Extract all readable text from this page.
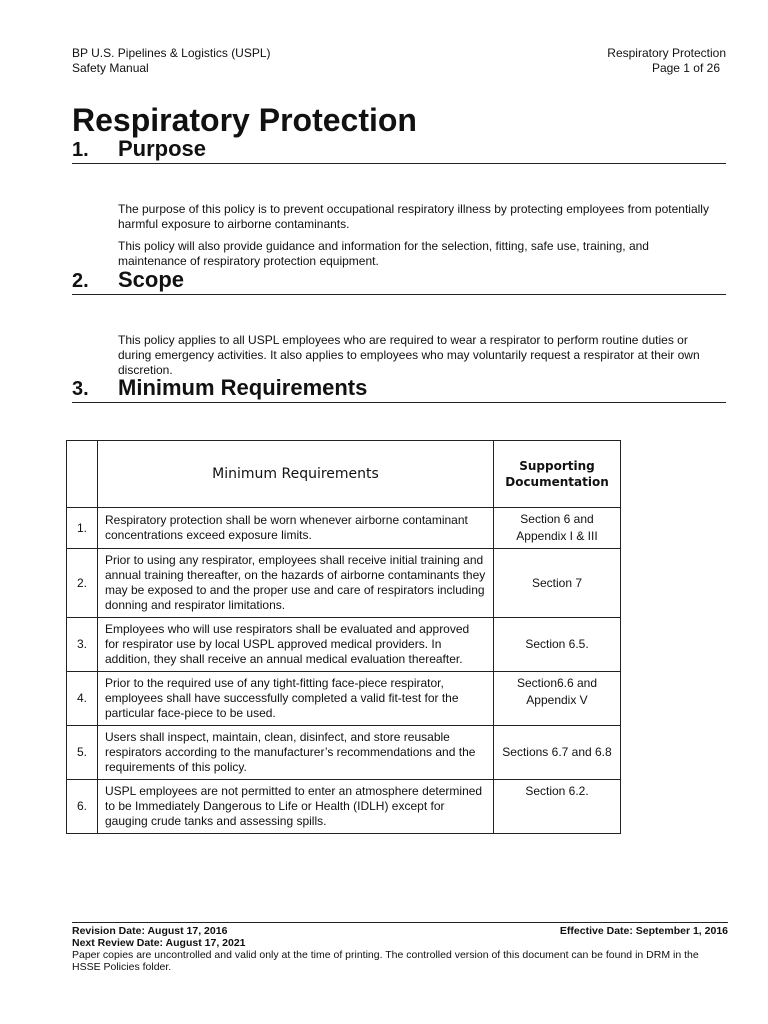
BP U.S. Pipelines & Logistics (USPL)
Safety Manual
Respiratory Protection
Page 1 of 26
Respiratory Protection
1. Purpose

The purpose of this policy is to prevent occupational respiratory illness by protecting employees from potentially harmful exposure to airborne contaminants.

This policy will also provide guidance and information for the selection, fitting, safe use, training, and maintenance of respiratory protection equipment.

2. Scope

This policy applies to all USPL employees who are required to wear a respirator to perform routine duties or during emergency activities. It also applies to employees who may voluntarily request a respirator at their own discretion.

3. Minimum Requirements
	Minimum Requirements	Supporting
Documentation

1.	Respiratory protection shall be worn whenever airborne contaminant concentrations exceed exposure limits.	Section 6 and
Appendix I & III

2.	Prior to using any respirator, employees shall receive initial training and annual training thereafter, on the hazards of airborne contaminants they may be exposed to and the proper use and care of respirators including donning and respirator limitations.	Section 7

3.	Employees who will use respirators shall be evaluated and approved for respirator use by local USPL approved medical providers. In addition, they shall receive an annual medical evaluation thereafter.	Section 6.5.

4.	Prior to the required use of any tight-fitting face-piece respirator, employees shall have successfully completed a valid fit-test for the particular face-piece to be used.	Section6.6 and
Appendix V

5.	Users shall inspect, maintain, clean, disinfect, and store reusable respirators according to the manufacturer’s recommendations and the requirements of this policy.	Sections 6.7 and 6.8

6.	USPL employees are not permitted to enter an atmosphere determined to be Immediately Dangerous to Life or Health (IDLH) except for gauging crude tanks and assessing spills.	Section 6.2.
Revision Date: August 17, 2016	Effective Date: September 1, 2016
Next Review Date: August 17, 2021

Paper copies are uncontrolled and valid only at the time of printing. The controlled version of this document can be found in DRM in the HSSE Policies folder.
